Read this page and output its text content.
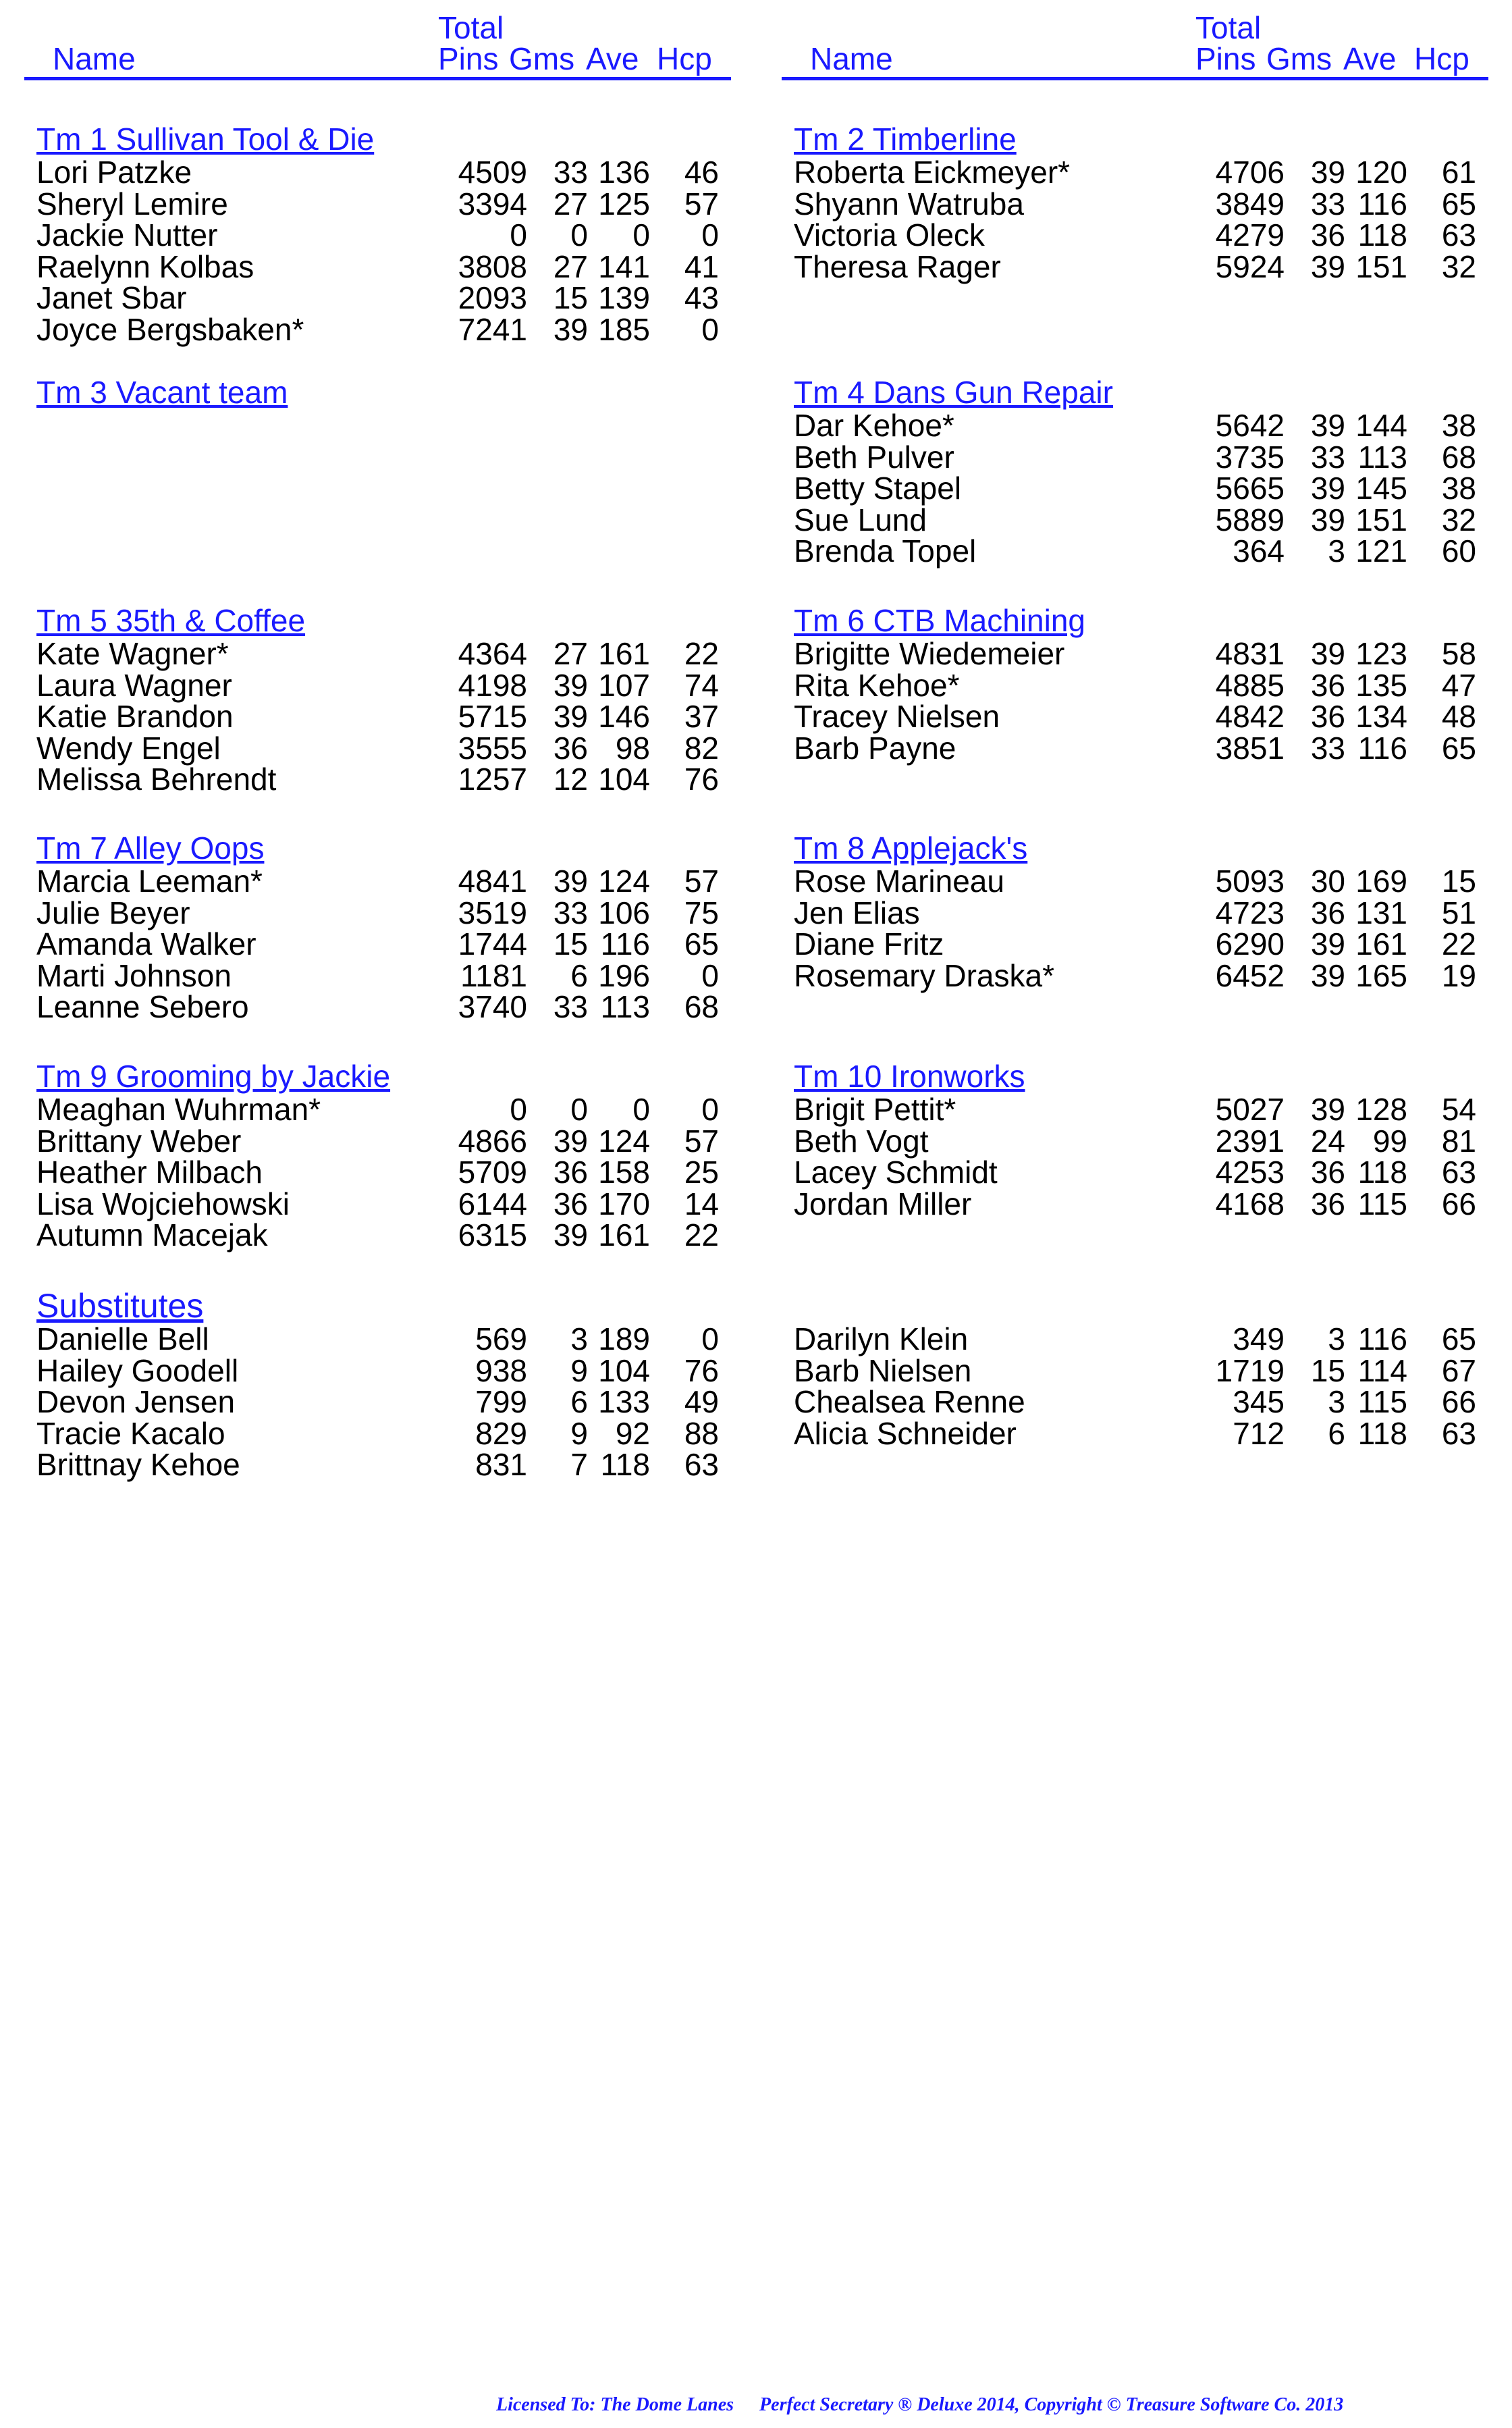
Name
Total
Pins Gms Ave Hcp
Tm 1 Sullivan Tool & Die
Lori Patzke	4509 33 136 46
Sheryl Lemire	3394 27 125 57
Jackie Nutter	0 0 0 0
Raelynn Kolbas	3808 27 141 41
Janet Sbar	2093 15 139 43
Joyce Bergsbaken*	7241 39 185 0
Tm 3 Vacant team
Tm 5 35th & Coffee
Kate Wagner*	4364 27 161 22
Laura Wagner	4198 39 107 74
Katie Brandon	5715 39 146 37
Wendy Engel	3555 36 98 82
Melissa Behrendt	1257 12 104 76
Tm 7 Alley Oops
Marcia Leeman*	4841 39 124 57
Julie Beyer	3519 33 106 75
Amanda Walker	1744 15 116 65
Marti Johnson	1181 6 196 0
Leanne Sebero	3740 33 113 68
Tm 9 Grooming by Jackie
Meaghan Wuhrman*	0 0 0 0
Brittany Weber	4866 39 124 57
Heather Milbach	5709 36 158 25
Lisa Wojciehowski	6144 36 170 14
Autumn Macejak	6315 39 161 22
Substitutes
Danielle Bell	569 3 189 0
Hailey Goodell	938 9 104 76
Devon Jensen	799 6 133 49
Tracie Kacalo	829 9 92 88
Brittnay Kehoe	831 7 118 63
Name
Total
Pins Gms Ave Hcp
Tm 2 Timberline
Roberta Eickmeyer*	4706 39 120 61
Shyann Watruba	3849 33 116 65
Victoria Oleck	4279 36 118 63
Theresa Rager	5924 39 151 32
Tm 4 Dans Gun Repair
Dar Kehoe*	5642 39 144 38
Beth Pulver	3735 33 113 68
Betty Stapel	5665 39 145 38
Sue Lund	5889 39 151 32
Brenda Topel	364 3 121 60
Tm 6 CTB Machining
Brigitte Wiedemeier	4831 39 123 58
Rita Kehoe*	4885 36 135 47
Tracey Nielsen	4842 36 134 48
Barb Payne	3851 33 116 65
Tm 8 Applejack's
Rose Marineau	5093 30 169 15
Jen Elias	4723 36 131 51
Diane Fritz	6290 39 161 22
Rosemary Draska*	6452 39 165 19
Tm 10 Ironworks
Brigit Pettit*	5027 39 128 54
Beth Vogt	2391 24 99 81
Lacey Schmidt	4253 36 118 63
Jordan Miller	4168 36 115 66
Darilyn Klein	349 3 116 65
Barb Nielsen	1719 15 114 67
Chealsea Renne	345 3 115 66
Alicia Schneider	712 6 118 63
Licensed To: The Dome Lanes Perfect Secretary ® Deluxe 2014, Copyright © Treasure Software Co. 2013
